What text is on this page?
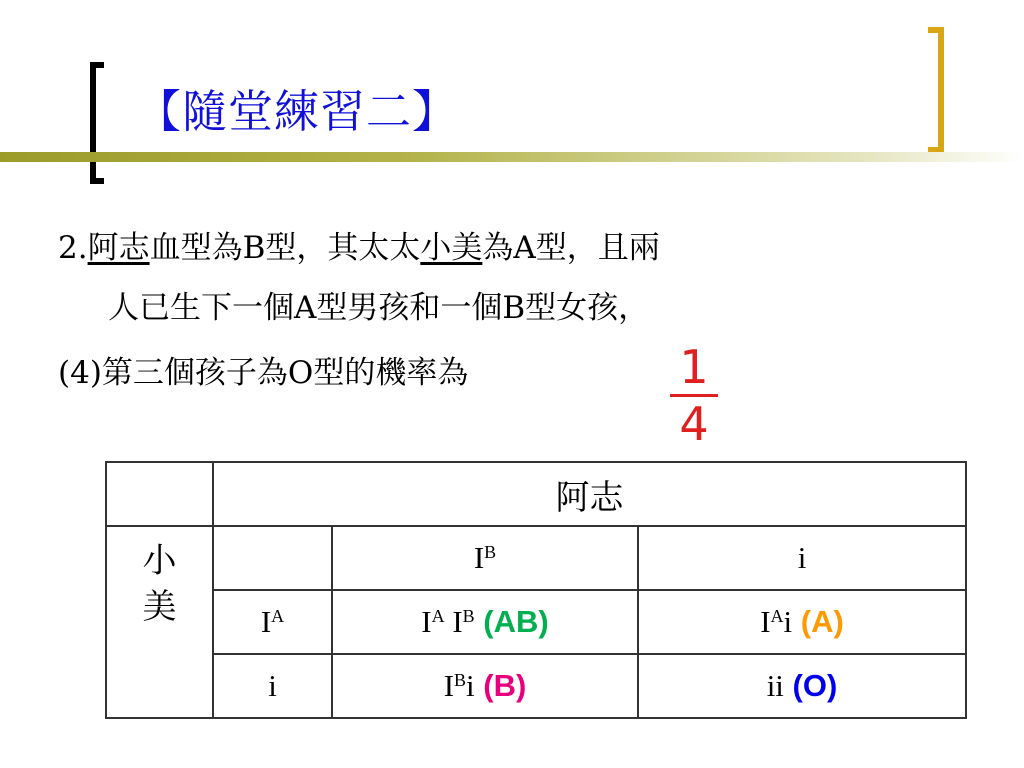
【隨堂練習二】
2.阿志血型為B型，其太太小美為A型，且兩
人已生下一個A型男孩和一個B型女孩，
(4)第三個孩子為O型的機率為	1
4
	阿志		
小
美		$I^B$	i
	$I^A$	$I^A$ $I^B$ (AB)	$I^Ai$ (A)
	i	$I^Bi$ (B)	ii (O)
